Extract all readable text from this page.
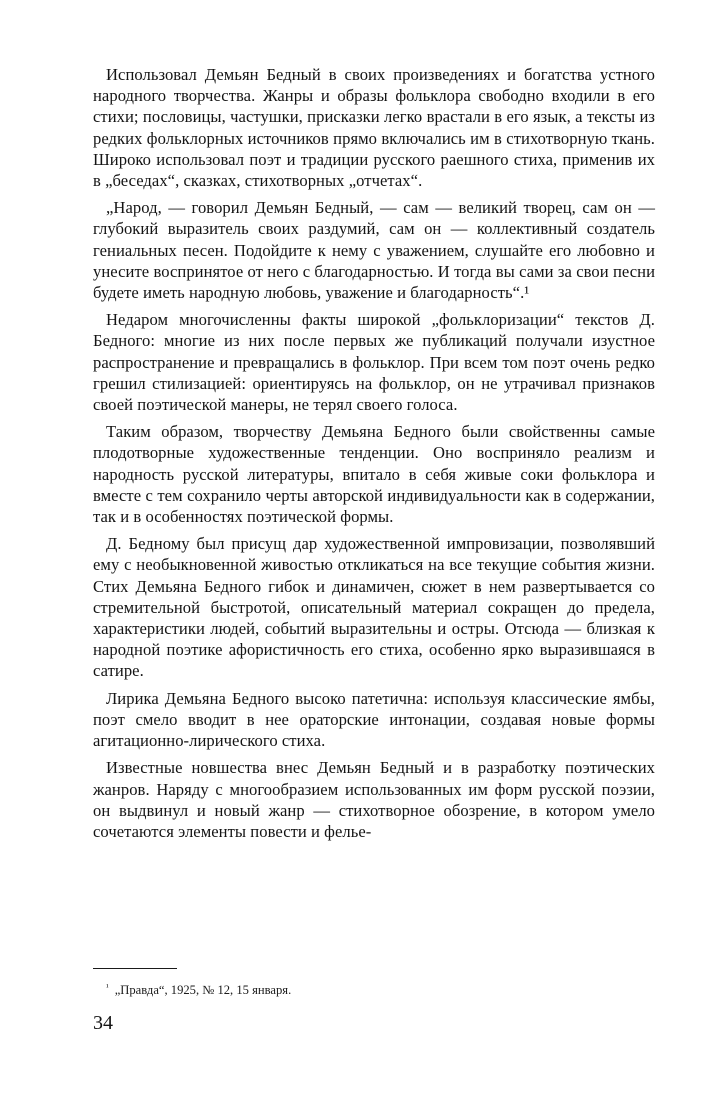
Использовал Демьян Бедный в своих произведениях и богатства устного народного творчества. Жанры и образы фольклора свободно входили в его стихи; пословицы, частушки, присказки легко врастали в его язык, а тексты из редких фольклорных источников прямо включались им в стихотворную ткань. Широко использовал поэт и традиции русского раешного стиха, применив их в „беседах“, сказках, стихотворных „отчетах“.

„Народ, — говорил Демьян Бедный, — сам — великий творец, сам он — глубокий выразитель своих раздумий, сам он — коллективный создатель гениальных песен. Подойдите к нему с уважением, слушайте его любовно и унесите воспринятое от него с благодарностью. И тогда вы сами за свои песни будете иметь народную любовь, уважение и благодарность“.¹

Недаром многочисленны факты широкой „фольклоризации“ текстов Д. Бедного: многие из них после первых же публикаций получали изустное распространение и превращались в фольклор. При всем том поэт очень редко грешил стилизацией: ориентируясь на фольклор, он не утрачивал признаков своей поэтической манеры, не терял своего голоса.

Таким образом, творчеству Демьяна Бедного были свойственны самые плодотворные художественные тенденции. Оно восприняло реализм и народность русской литературы, впитало в себя живые соки фольклора и вместе с тем сохранило черты авторской индивидуальности как в содержании, так и в особенностях поэтической формы.

Д. Бедному был присущ дар художественной импровизации, позволявший ему с необыкновенной живостью откликаться на все текущие события жизни. Стих Демьяна Бедного гибок и динамичен, сюжет в нем развертывается со стремительной быстротой, описательный материал сокращен до предела, характеристики людей, событий выразительны и остры. Отсюда — близкая к народной поэтике афористичность его стиха, особенно ярко выразившаяся в сатире.

Лирика Демьяна Бедного высоко патетична: используя классические ямбы, поэт смело вводит в нее ораторские интонации, создавая новые формы агитационно-лирического стиха.

Известные новшества внес Демьян Бедный и в разработку поэтических жанров. Наряду с многообразием использованных им форм русской поэзии, он выдвинул и новый жанр — стихотворное обозрение, в котором умело сочетаются элементы повести и фелье-

$^{^1}$ „Правда“, 1925, № 12, 15 января.
34
